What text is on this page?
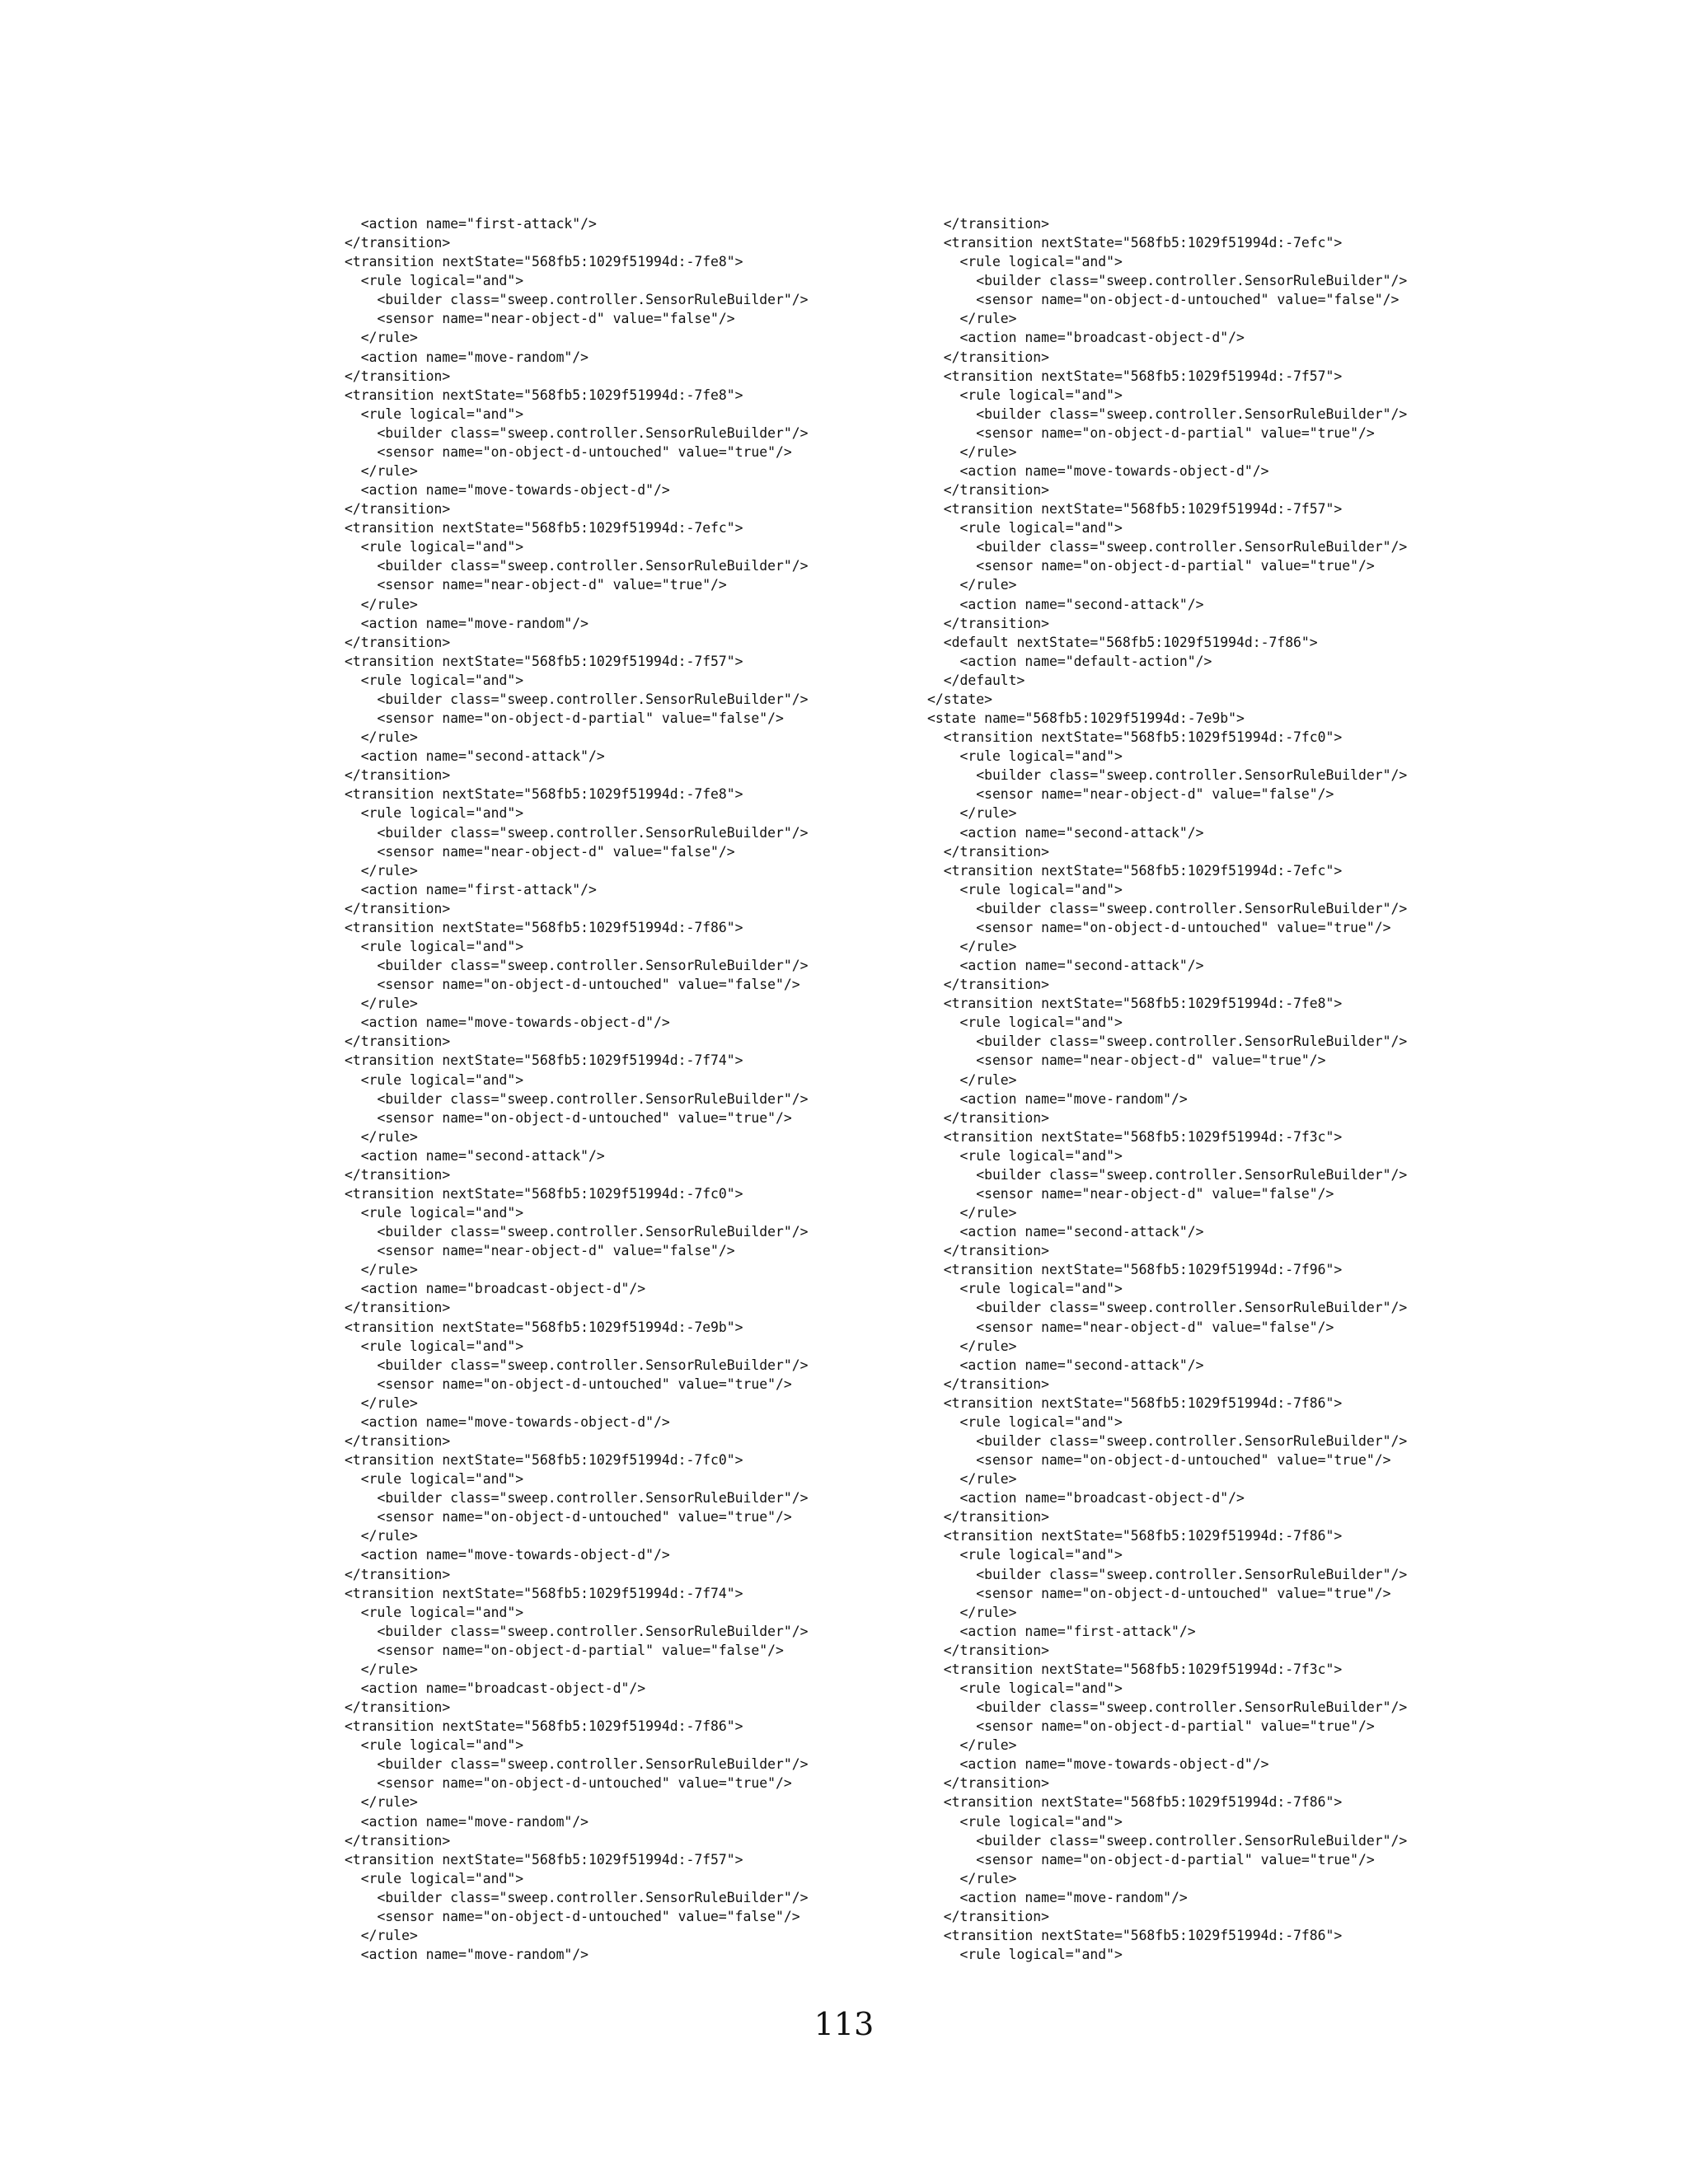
<action name="first-attack"/>
</transition>
<transition nextState="568fb5:1029f51994d:-7fe8">
<rule logical="and">
<builder class="sweep.controller.SensorRuleBuilder"/>
<sensor name="near-object-d" value="false"/>
</rule>
<action name="move-random"/>
</transition>
<transition nextState="568fb5:1029f51994d:-7fe8">
<rule logical="and">
<builder class="sweep.controller.SensorRuleBuilder"/>
<sensor name="on-object-d-untouched" value="true"/>
</rule>
<action name="move-towards-object-d"/>
</transition>
<transition nextState="568fb5:1029f51994d:-7efc">
<rule logical="and">
<builder class="sweep.controller.SensorRuleBuilder"/>
<sensor name="near-object-d" value="true"/>
</rule>
<action name="move-random"/>
</transition>
<transition nextState="568fb5:1029f51994d:-7f57">
<rule logical="and">
<builder class="sweep.controller.SensorRuleBuilder"/>
<sensor name="on-object-d-partial" value="false"/>
</rule>
<action name="second-attack"/>
</transition>
<transition nextState="568fb5:1029f51994d:-7fe8">
<rule logical="and">
<builder class="sweep.controller.SensorRuleBuilder"/>
<sensor name="near-object-d" value="false"/>
</rule>
<action name="first-attack"/>
</transition>
<transition nextState="568fb5:1029f51994d:-7f86">
<rule logical="and">
<builder class="sweep.controller.SensorRuleBuilder"/>
<sensor name="on-object-d-untouched" value="false"/>
</rule>
<action name="move-towards-object-d"/>
</transition>
<transition nextState="568fb5:1029f51994d:-7f74">
<rule logical="and">
<builder class="sweep.controller.SensorRuleBuilder"/>
<sensor name="on-object-d-untouched" value="true"/>
</rule>
<action name="second-attack"/>
</transition>
<transition nextState="568fb5:1029f51994d:-7fc0">
<rule logical="and">
<builder class="sweep.controller.SensorRuleBuilder"/>
<sensor name="near-object-d" value="false"/>
</rule>
<action name="broadcast-object-d"/>
</transition>
<transition nextState="568fb5:1029f51994d:-7e9b">
<rule logical="and">
<builder class="sweep.controller.SensorRuleBuilder"/>
<sensor name="on-object-d-untouched" value="true"/>
</rule>
<action name="move-towards-object-d"/>
</transition>
<transition nextState="568fb5:1029f51994d:-7fc0">
<rule logical="and">
<builder class="sweep.controller.SensorRuleBuilder"/>
<sensor name="on-object-d-untouched" value="true"/>
</rule>
<action name="move-towards-object-d"/>
</transition>
<transition nextState="568fb5:1029f51994d:-7f74">
<rule logical="and">
<builder class="sweep.controller.SensorRuleBuilder"/>
<sensor name="on-object-d-partial" value="false"/>
</rule>
<action name="broadcast-object-d"/>
</transition>
<transition nextState="568fb5:1029f51994d:-7f86">
<rule logical="and">
<builder class="sweep.controller.SensorRuleBuilder"/>
<sensor name="on-object-d-untouched" value="true"/>
</rule>
<action name="move-random"/>
</transition>
<transition nextState="568fb5:1029f51994d:-7f57">
<rule logical="and">
<builder class="sweep.controller.SensorRuleBuilder"/>
<sensor name="on-object-d-untouched" value="false"/>
</rule>
<action name="move-random"/>
</transition>
<transition nextState="568fb5:1029f51994d:-7efc">
<rule logical="and">
<builder class="sweep.controller.SensorRuleBuilder"/>
<sensor name="on-object-d-untouched" value="false"/>
</rule>
<action name="broadcast-object-d"/>
</transition>
<transition nextState="568fb5:1029f51994d:-7f57">
<rule logical="and">
<builder class="sweep.controller.SensorRuleBuilder"/>
<sensor name="on-object-d-partial" value="true"/>
</rule>
<action name="move-towards-object-d"/>
</transition>
<transition nextState="568fb5:1029f51994d:-7f57">
<rule logical="and">
<builder class="sweep.controller.SensorRuleBuilder"/>
<sensor name="on-object-d-partial" value="true"/>
</rule>
<action name="second-attack"/>
</transition>
<default nextState="568fb5:1029f51994d:-7f86">
<action name="default-action"/>
</default>
</state>
<state name="568fb5:1029f51994d:-7e9b">
<transition nextState="568fb5:1029f51994d:-7fc0">
<rule logical="and">
<builder class="sweep.controller.SensorRuleBuilder"/>
<sensor name="near-object-d" value="false"/>
</rule>
<action name="second-attack"/>
</transition>
<transition nextState="568fb5:1029f51994d:-7efc">
<rule logical="and">
<builder class="sweep.controller.SensorRuleBuilder"/>
<sensor name="on-object-d-untouched" value="true"/>
</rule>
<action name="second-attack"/>
</transition>
<transition nextState="568fb5:1029f51994d:-7fe8">
<rule logical="and">
<builder class="sweep.controller.SensorRuleBuilder"/>
<sensor name="near-object-d" value="true"/>
</rule>
<action name="move-random"/>
</transition>
<transition nextState="568fb5:1029f51994d:-7f3c">
<rule logical="and">
<builder class="sweep.controller.SensorRuleBuilder"/>
<sensor name="near-object-d" value="false"/>
</rule>
<action name="second-attack"/>
</transition>
<transition nextState="568fb5:1029f51994d:-7f96">
<rule logical="and">
<builder class="sweep.controller.SensorRuleBuilder"/>
<sensor name="near-object-d" value="false"/>
</rule>
<action name="second-attack"/>
</transition>
<transition nextState="568fb5:1029f51994d:-7f86">
<rule logical="and">
<builder class="sweep.controller.SensorRuleBuilder"/>
<sensor name="on-object-d-untouched" value="true"/>
</rule>
<action name="broadcast-object-d"/>
</transition>
<transition nextState="568fb5:1029f51994d:-7f86">
<rule logical="and">
<builder class="sweep.controller.SensorRuleBuilder"/>
<sensor name="on-object-d-untouched" value="true"/>
</rule>
<action name="first-attack"/>
</transition>
<transition nextState="568fb5:1029f51994d:-7f3c">
<rule logical="and">
<builder class="sweep.controller.SensorRuleBuilder"/>
<sensor name="on-object-d-partial" value="true"/>
</rule>
<action name="move-towards-object-d"/>
</transition>
<transition nextState="568fb5:1029f51994d:-7f86">
<rule logical="and">
<builder class="sweep.controller.SensorRuleBuilder"/>
<sensor name="on-object-d-partial" value="true"/>
</rule>
<action name="move-random"/>
</transition>
<transition nextState="568fb5:1029f51994d:-7f86">
<rule logical="and">
113
